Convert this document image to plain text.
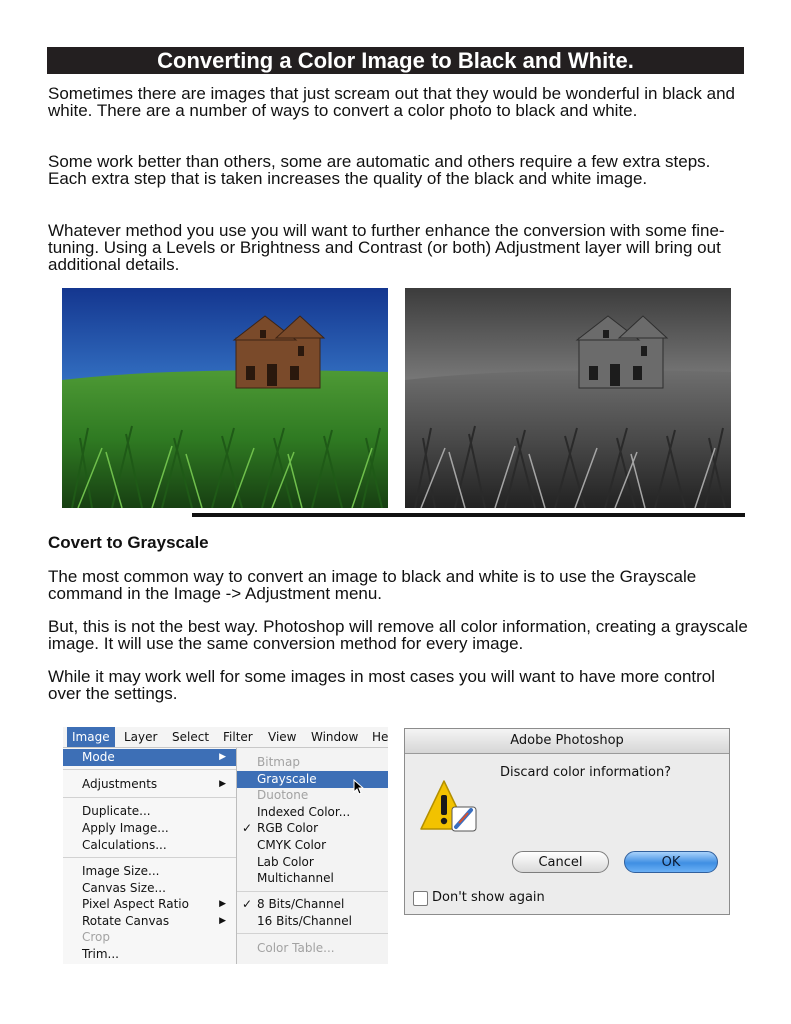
Converting a Color Image to Black and White.

Sometimes there are images that just scream out that they would be wonderful in black and white. There are a number of ways to convert a color photo to black and white.

Some work better than others, some are automatic and others require a few extra steps. Each extra step that is taken increases the quality of the black and white image.

Whatever method you use you will want to further enhance the conversion with some fine-tuning. Using a Levels or Brightness and Contrast (or both) Adjustment layer will bring out additional details.

Covert to Grayscale

The most common way to convert an image to black and white is to use the Grayscale command in the Image -> Adjustment menu.

But, this is not the best way. Photoshop will remove all color information, creating a grayscale image. It will use the same conversion method for every image.

While it may work well for some images in most cases you will want to have more control over the settings.

Image	Layer Select Filter View Window He
Mode	▶
Adjustments	▶
Duplicate...
Apply Image...
Calculations...
Image Size...
Canvas Size...
Pixel Aspect Ratio	▶
Rotate Canvas	▶
Crop
Trim...
Bitmap
Grayscale
Duotone
Indexed Color...
✓ RGB Color
CMYK Color
Lab Color
Multichannel
✓ 8 Bits/Channel
16 Bits/Channel
Color Table...
Adobe Photoshop
Discard color information?
Cancel	OK
Don't show again
